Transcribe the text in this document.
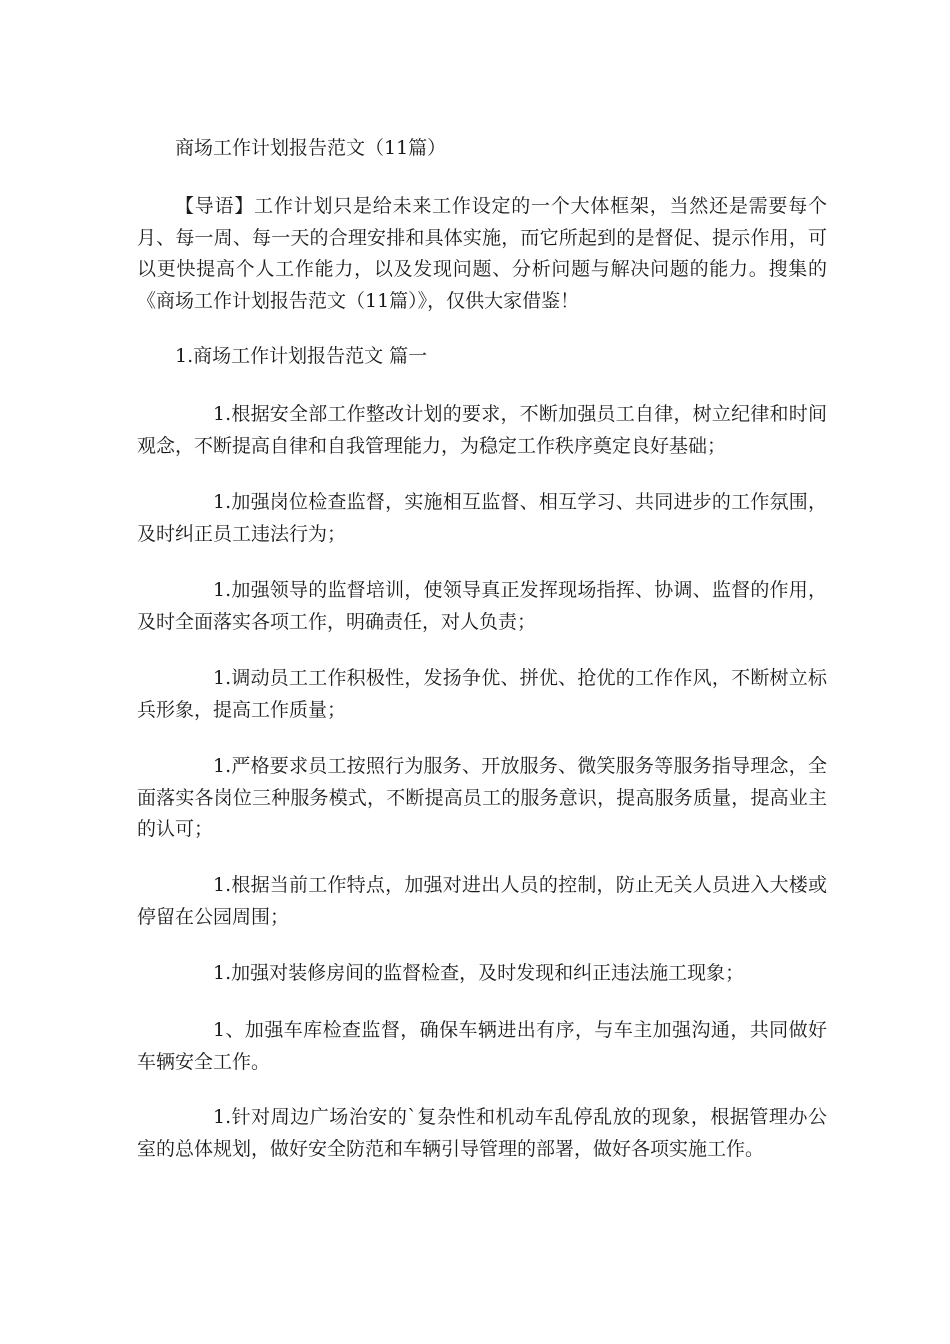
商场工作计划报告范文（11篇）

【导语】工作计划只是给未来工作设定的一个大体框架，当然还是需要每个月、每一周、每一天的合理安排和具体实施，而它所起到的是督促、提示作用，可以更快提高个人工作能力，以及发现问题、分析问题与解决问题的能力。搜集的《商场工作计划报告范文（11篇）》，仅供大家借鉴！

1.商场工作计划报告范文 篇一

1.根据安全部工作整改计划的要求，不断加强员工自律，树立纪律和时间观念，不断提高自律和自我管理能力，为稳定工作秩序奠定良好基础；

1.加强岗位检查监督，实施相互监督、相互学习、共同进步的工作氛围，及时纠正员工违法行为；

1.加强领导的监督培训，使领导真正发挥现场指挥、协调、监督的作用，及时全面落实各项工作，明确责任，对人负责；

1.调动员工工作积极性，发扬争优、拼优、抢优的工作作风，不断树立标兵形象，提高工作质量；

1.严格要求员工按照行为服务、开放服务、微笑服务等服务指导理念，全面落实各岗位三种服务模式，不断提高员工的服务意识，提高服务质量，提高业主的认可；

1.根据当前工作特点，加强对进出人员的控制，防止无关人员进入大楼或停留在公园周围；

1.加强对装修房间的监督检查，及时发现和纠正违法施工现象；

1、加强车库检查监督，确保车辆进出有序，与车主加强沟通，共同做好车辆安全工作。

1.针对周边广场治安的`复杂性和机动车乱停乱放的现象，根据管理办公室的总体规划，做好安全防范和车辆引导管理的部署，做好各项实施工作。
